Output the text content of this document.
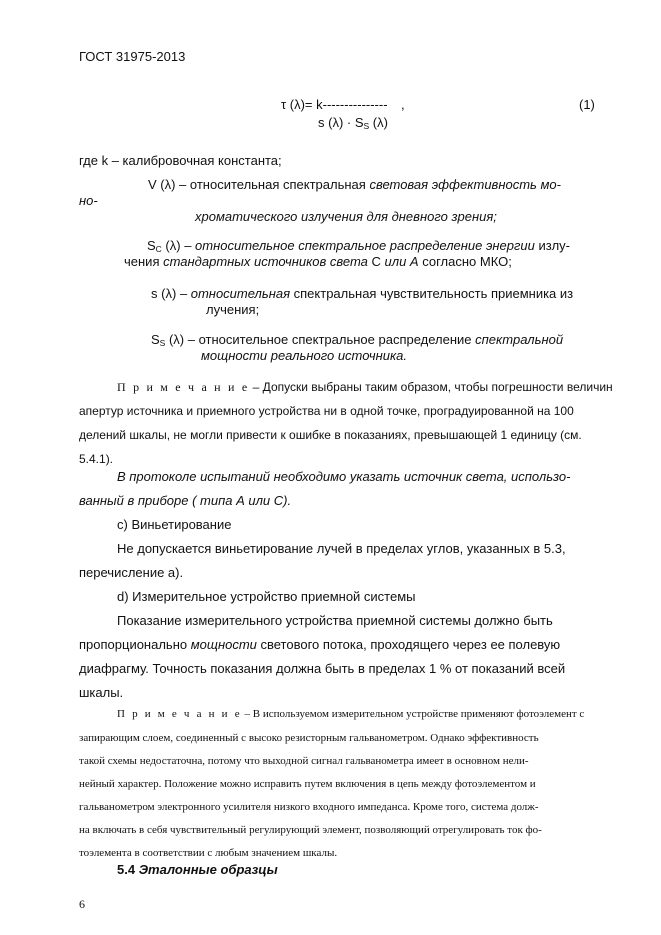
ГОСТ 31975-2013
τ (λ)= k--------------- ,	(1)
s $(\lambda) \cdot S_S$ (λ)
где k – калибровочная константа;
V (λ) – относительная спектральная световая эффективность мо-
но-
хроматического излучения для дневного зрения;
$S_C$ (λ) – относительное спектральное распределение энергии излу-
чения стандартных источников света С или А согласно МКО;
s (λ) – относительная спектральная чувствительность приемника из
лучения;
$S_S$ (λ) – относительное спектральное распределение спектральной
мощности реального источника.
П р и м е ч а н и е – Допуски выбраны таким образом, чтобы погрешности величин
апертур источника и приемного устройства ни в одной точке, проградуированной на 100
делений шкалы, не могли привести к ошибке в показаниях, превышающей 1 единицу (см.
5.4.1).
В протоколе испытаний необходимо указать источник света, использо-
ванный в приборе ( типа А или С).
с) Виньетирование
Не допускается виньетирование лучей в пределах углов, указанных в 5.3,
перечисление а).
d) Измерительное устройство приемной системы
Показание измерительного устройства приемной системы должно быть
пропорционально мощности светового потока, проходящего через ее полевую
диафрагму. Точность показания должна быть в пределах 1 % от показаний всей
шкалы.
П р и м е ч а н и е – В используемом измерительном устройстве применяют фотоэлемент с
запирающим слоем, соединенный с высоко резисторным гальванометром. Однако эффективность
такой схемы недостаточна, потому что выходной сигнал гальванометра имеет в основном нели-
нейный характер. Положение можно исправить путем включения в цепь между фотоэлементом и
гальванометром электронного усилителя низкого входного импеданса. Кроме того, система долж-
на включать в себя чувствительный регулирующий элемент, позволяющий отрегулировать ток фо-
тоэлемента в соответствии с любым значением шкалы.
5.4 Эталонные образцы
6
